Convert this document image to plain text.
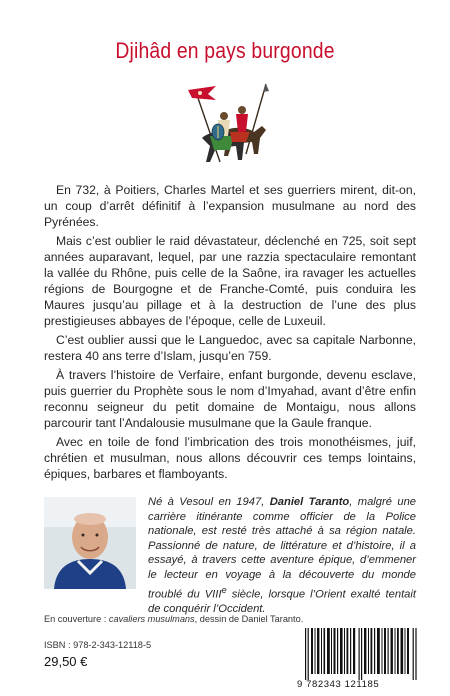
Djihâd en pays burgonde

En 732, à Poitiers, Charles Martel et ses guerriers mirent, dit-on, un coup d’arrêt définitif à l’expansion musulmane au nord des Pyrénées.

Mais c’est oublier le raid dévastateur, déclenché en 725, soit sept années auparavant, lequel, par une razzia spectaculaire remontant la vallée du Rhône, puis celle de la Saône, ira ravager les actuelles régions de Bourgogne et de Franche-Comté, puis conduira les Maures jusqu’au pillage et à la destruction de l’une des plus prestigieuses abbayes de l’époque, celle de Luxeuil.

C’est oublier aussi que le Languedoc, avec sa capitale Narbonne, restera 40 ans terre d’Islam, jusqu’en 759.

À travers l’histoire de Verfaire, enfant burgonde, devenu esclave, puis guerrier du Prophète sous le nom d’Imyahad, avant d’être enfin reconnu seigneur du petit domaine de Montaigu, nous allons parcourir tant l’Andalousie musulmane que la Gaule franque.

Avec en toile de fond l’imbrication des trois monothéismes, juif, chrétien et musulman, nous allons découvrir ces temps lointains, épiques, barbares et flamboyants.

Né à Vesoul en 1947, Daniel Taranto, malgré une carrière itinérante comme officier de la Police nationale, est resté très attaché à sa région natale. Passionné de nature, de littérature et d’histoire, il a essayé, à travers cette aventure épique, d’emmener le lecteur en voyage à la découverte du monde troublé du VIIIe siècle, lorsque l’Orient exalté tentait de conquérir l’Occident.
En couverture : cavaliers musulmans, dessin de Daniel Taranto.
ISBN : 978-2-343-12118-5
29,50 €
9 782343 121185
